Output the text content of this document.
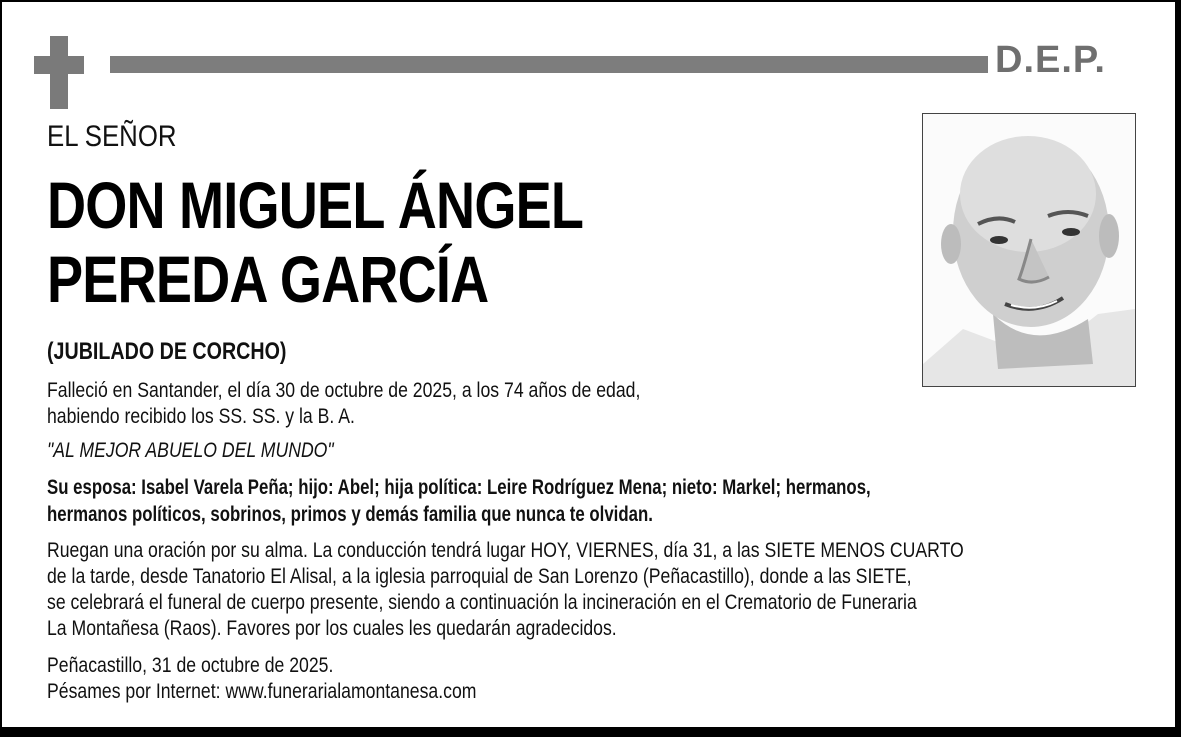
D.E.P.
EL SEÑOR
DON MIGUEL ÁNGEL
PEREDA GARCÍA
(JUBILADO DE CORCHO)
Falleció en Santander, el día 30 de octubre de 2025, a los 74 años de edad,
habiendo recibido los SS. SS. y la B. A.
"AL MEJOR ABUELO DEL MUNDO"
Su esposa: Isabel Varela Peña; hijo: Abel; hija política: Leire Rodríguez Mena; nieto: Markel; hermanos,
hermanos políticos, sobrinos, primos y demás familia que nunca te olvidan.
Ruegan una oración por su alma. La conducción tendrá lugar HOY, VIERNES, día 31, a las SIETE MENOS CUARTO
de la tarde, desde Tanatorio El Alisal, a la iglesia parroquial de San Lorenzo (Peñacastillo), donde a las SIETE,
se celebrará el funeral de cuerpo presente, siendo a continuación la incineración en el Crematorio de Funeraria
La Montañesa (Raos). Favores por los cuales les quedarán agradecidos.
Peñacastillo, 31 de octubre de 2025.
Pésames por Internet: www.funerarialamontanesa.com
